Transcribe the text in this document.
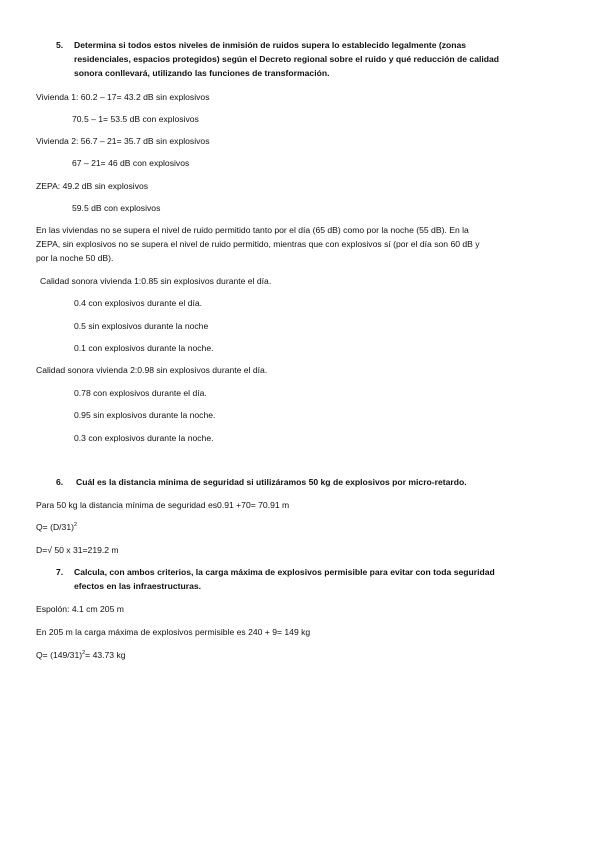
5. Determina si todos estos niveles de inmisión de ruidos supera lo establecido legalmente (zonas
residenciales, espacios protegidos) según el Decreto regional sobre el ruido y qué reducción de calidad
sonora conllevará, utilizando las funciones de transformación.
Vivienda 1: 60.2 – 17= 43.2 dB sin explosivos
70.5 – 1= 53.5 dB con explosivos
Vivienda 2: 56.7 – 21= 35.7 dB sin explosivos
67 – 21= 46 dB con explosivos
ZEPA: 49.2 dB sin explosivos
59.5 dB con explosivos
En las viviendas no se supera el nivel de ruido permitido tanto por el día (65 dB) como por la noche (55 dB). En la
ZEPA, sin explosivos no se supera el nivel de ruido permitido, mientras que con explosivos sí (por el día son 60 dB y
por la noche 50 dB).
Calidad sonora vivienda 1:0.85 sin explosivos durante el día.
0.4 con explosivos durante el día.
0.5 sin explosivos durante la noche
0.1 con explosivos durante la noche.
Calidad sonora vivienda 2:0.98 sin explosivos durante el día.
0.78 con explosivos durante el día.
0.95 sin explosivos durante la noche.
0.3 con explosivos durante la noche.
6. Cuál es la distancia mínima de seguridad si utilizáramos 50 kg de explosivos por micro-retardo.
Para 50 kg la distancia mínima de seguridad es0.91 +70= 70.91 m
$Q= (D/31)^2$
D=√ 50 x 31=219.2 m
7. Calcula, con ambos criterios, la carga máxima de explosivos permisible para evitar con toda seguridad
efectos en las infraestructuras.
Espolón: 4.1 cm 205 m
En 205 m la carga máxima de explosivos permisible es 240 + 9= 149 kg
$Q= (149/31)^2= 43.73$ kg
